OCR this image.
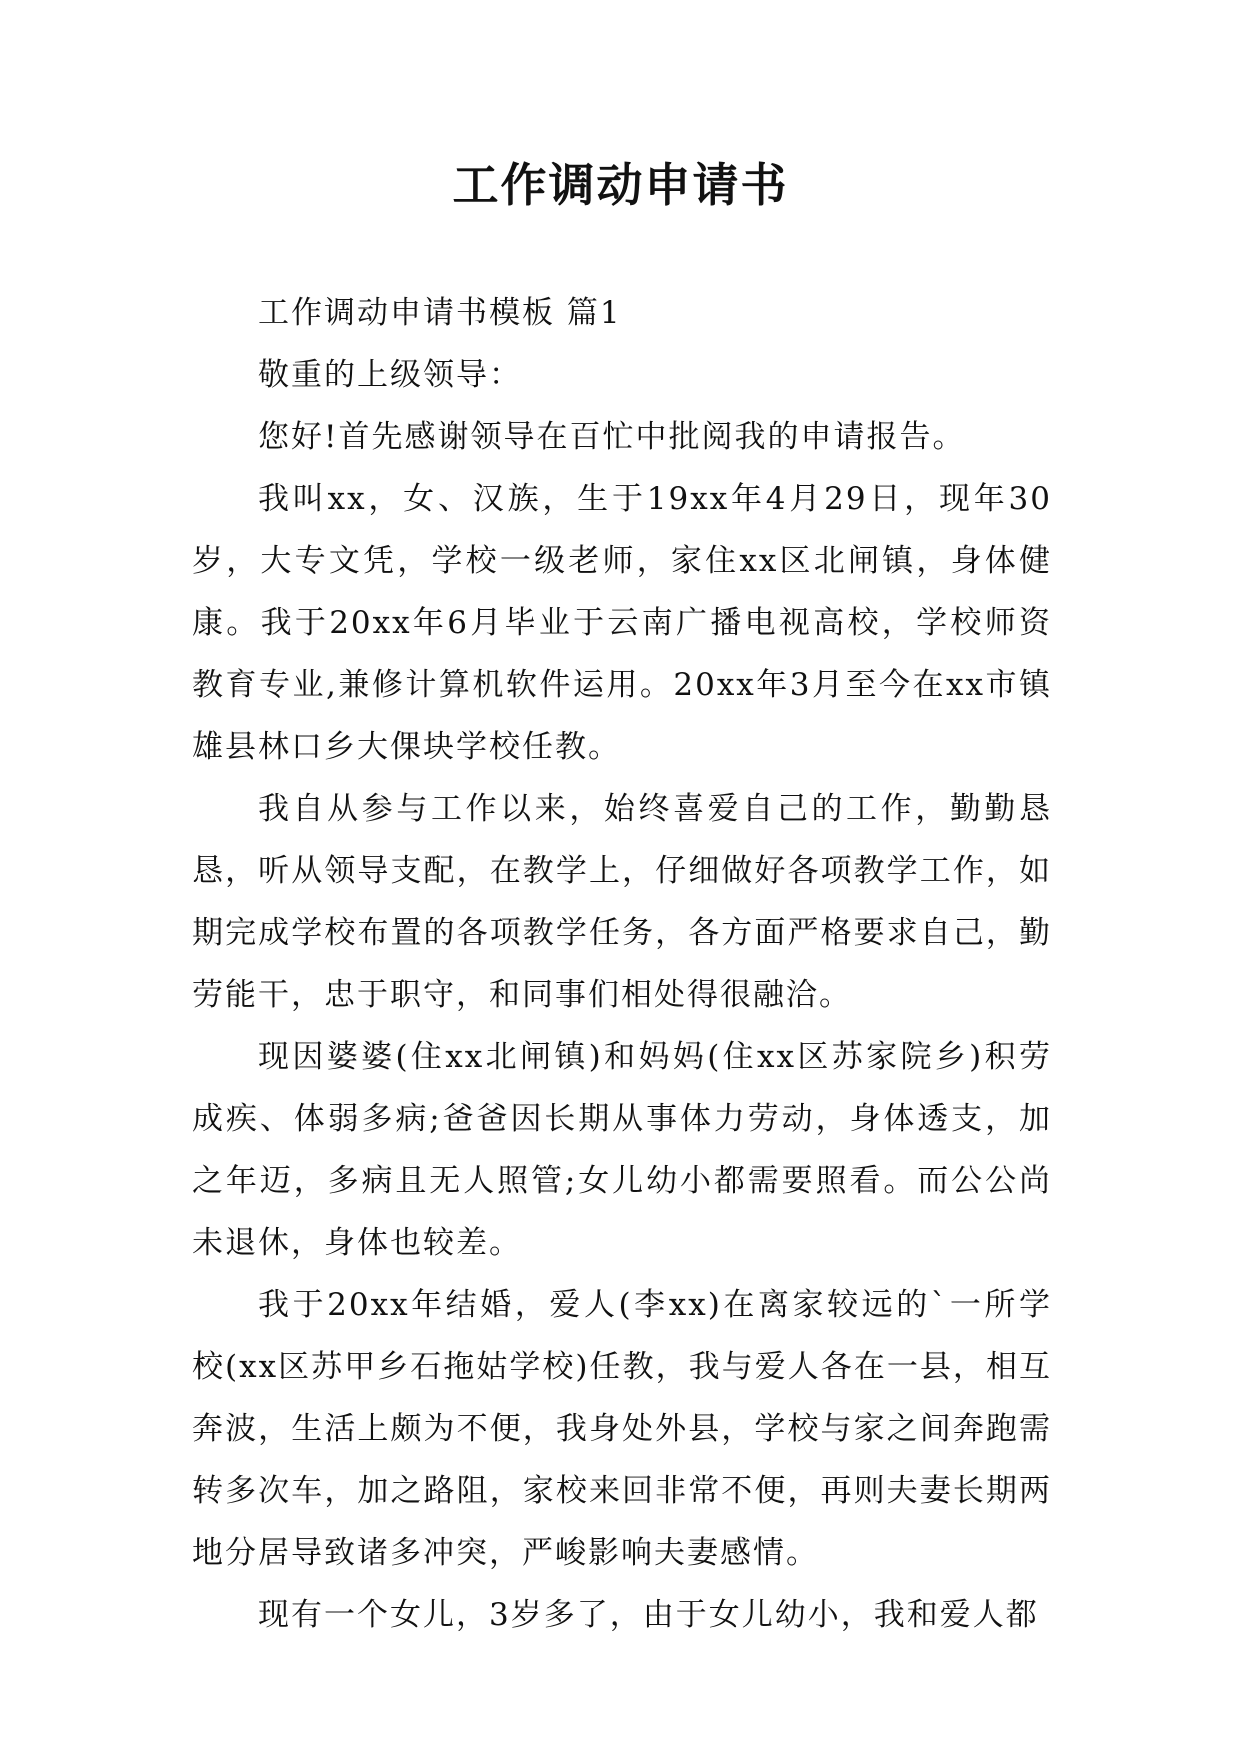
工作调动申请书

工作调动申请书模板 篇1

敬重的上级领导：

您好!首先感谢领导在百忙中批阅我的申请报告。

我叫xx，女、汉族，生于19xx年4月29日，现年30岁，大专文凭，学校一级老师，家住xx区北闸镇，身体健康。我于20xx年6月毕业于云南广播电视高校，学校师资教育专业,兼修计算机软件运用。20xx年3月至今在xx市镇雄县林口乡大倮块学校任教。

我自从参与工作以来，始终喜爱自己的工作，勤勤恳恳，听从领导支配，在教学上，仔细做好各项教学工作，如期完成学校布置的各项教学任务，各方面严格要求自己，勤劳能干，忠于职守，和同事们相处得很融洽。

现因婆婆(住xx北闸镇)和妈妈(住xx区苏家院乡)积劳成疾、体弱多病;爸爸因长期从事体力劳动，身体透支，加之年迈，多病且无人照管;女儿幼小都需要照看。而公公尚未退休，身体也较差。

我于20xx年结婚，爱人(李xx)在离家较远的`一所学校(xx区苏甲乡石拖姑学校)任教，我与爱人各在一县，相互奔波，生活上颇为不便，我身处外县，学校与家之间奔跑需转多次车，加之路阻，家校来回非常不便，再则夫妻长期两地分居导致诸多冲突，严峻影响夫妻感情。

现有一个女儿，3岁多了，由于女儿幼小，我和爱人都
